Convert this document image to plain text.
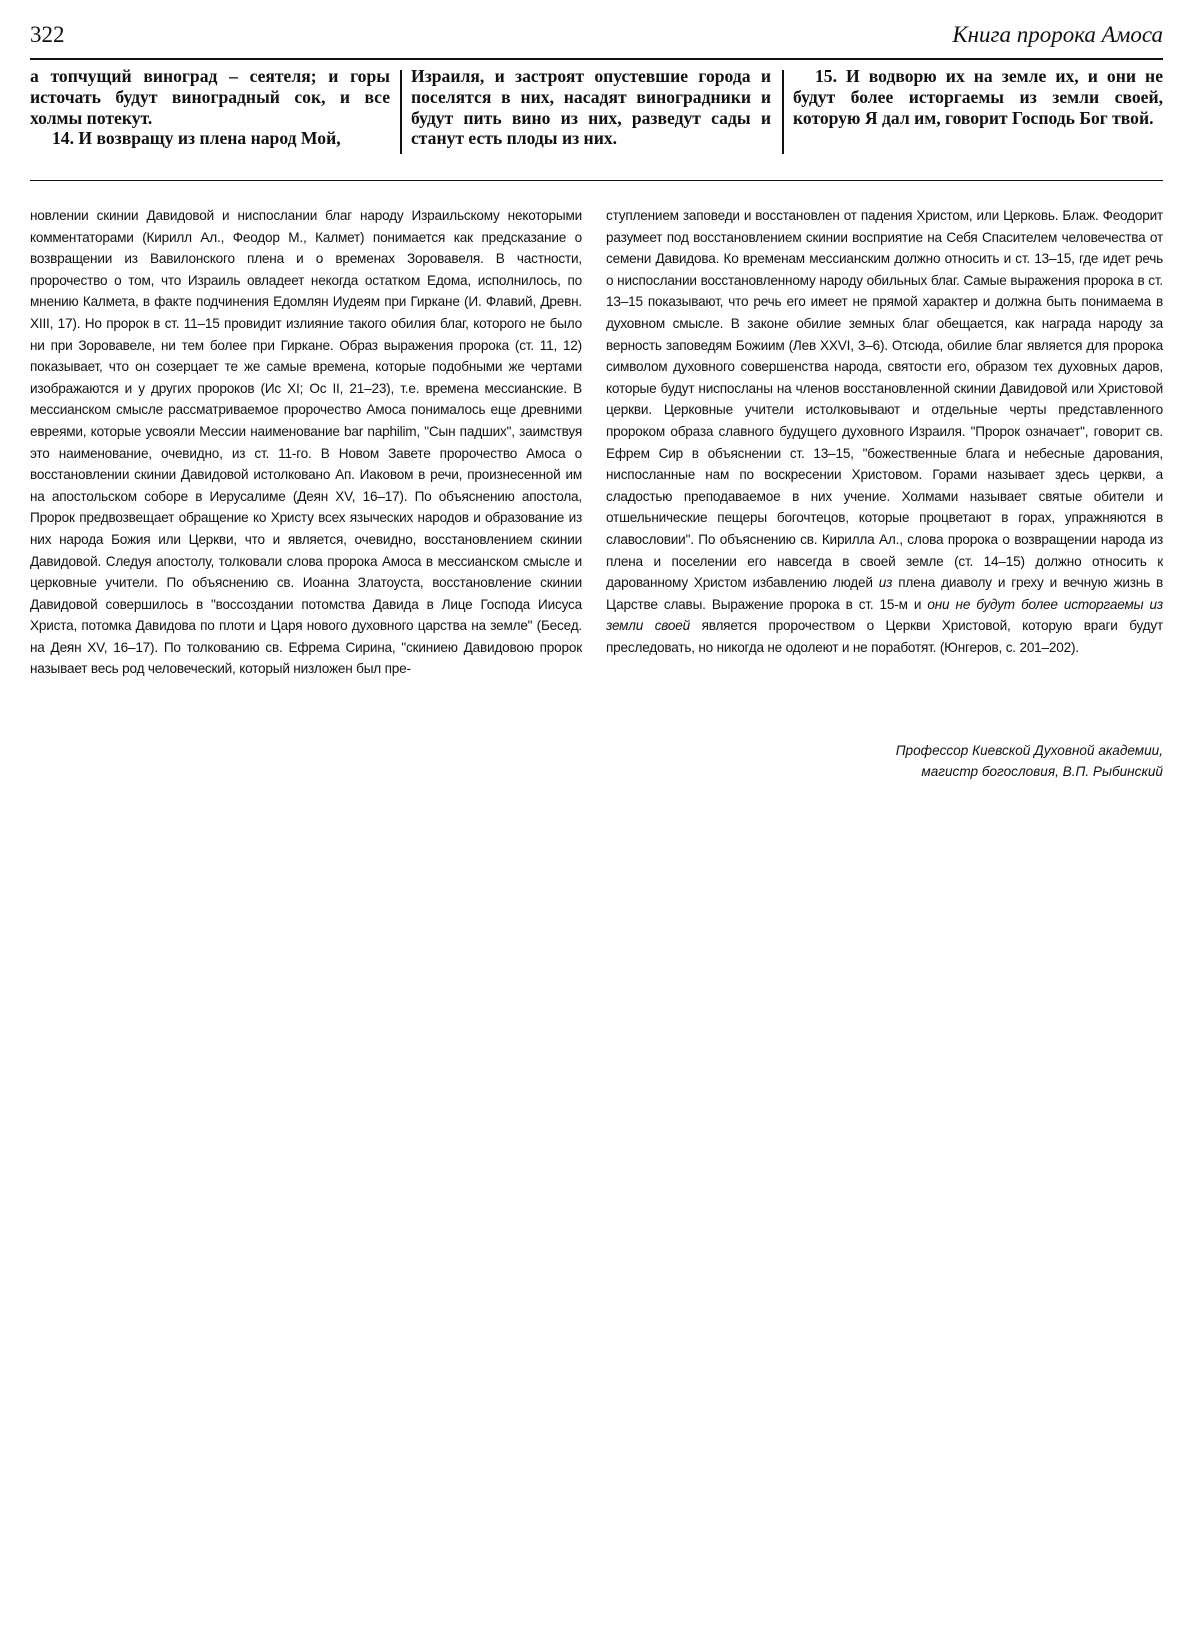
322	Книга пророка Амоса

а топчущий виноград – сеятеля; и горы источать будут виноградный сок, и все холмы потекут.

14. И возвращу из плена народ Мой,

Израиля, и застроят опустевшие города и поселятся в них, насадят виноградники и будут пить вино из них, разведут сады и станут есть плоды из них.

15. И водворю их на земле их, и они не будут более исторгаемы из земли своей, которую Я дал им, говорит Господь Бог твой.

новлении скинии Давидовой и ниспослании благ народу Израильскому некоторыми комментаторами (Кирилл Ал., Феодор М., Калмет) понимается как предсказание о возвращении из Вавилонского плена и о временах Зоровавеля. В частности, пророчество о том, что Израиль овладеет некогда остатком Едома, исполнилось, по мнению Калмета, в факте подчинения Едомлян Иудеям при Гиркане (И. Флавий, Древн. XIII, 17). Но пророк в ст. 11–15 провидит излияние такого обилия благ, которого не было ни при Зоровавеле, ни тем более при Гиркане. Образ выражения пророка (ст. 11, 12) показывает, что он созерцает те же самые времена, которые подобными же чертами изображаются и у других пророков (Ис XI; Ос II, 21–23), т.е. времена мессианские. В мессианском смысле рассматриваемое пророчество Амоса понималось еще древними евреями, которые усвояли Мессии наименование bar naphilim, "Сын падших", заимствуя это наименование, очевидно, из ст. 11-го. В Новом Завете пророчество Амоса о восстановлении скинии Давидовой истолковано Ап. Иаковом в речи, произнесенной им на апостольском соборе в Иерусалиме (Деян XV, 16–17). По объяснению апостола, Пророк предвозвещает обращение ко Христу всех языческих народов и образование из них народа Божия или Церкви, что и является, очевидно, восстановлением скинии Давидовой. Следуя апостолу, толковали слова пророка Амоса в мессианском смысле и церковные учители. По объяснению св. Иоанна Златоуста, восстановление скинии Давидовой совершилось в "воссоздании потомства Давида в Лице Господа Иисуса Христа, потомка Давидова по плоти и Царя нового духовного царства на земле" (Бесед. на Деян XV, 16–17). По толкованию св. Ефрема Сирина, "скиниею Давидовою пророк называет весь род человеческий, который низложен был пре-

ступлением заповеди и восстановлен от падения Христом, или Церковь. Блаж. Феодорит разумеет под восстановлением скинии восприятие на Себя Спасителем человечества от семени Давидова. Ко временам мессианским должно относить и ст. 13–15, где идет речь о ниспослании восстановленному народу обильных благ. Самые выражения пророка в ст. 13–15 показывают, что речь его имеет не прямой характер и должна быть понимаема в духовном смысле. В законе обилие земных благ обещается, как награда народу за верность заповедям Божиим (Лев XXVI, 3–6). Отсюда, обилие благ является для пророка символом духовного совершенства народа, святости его, образом тех духовных даров, которые будут ниспосланы на членов восстановленной скинии Давидовой или Христовой церкви. Церковные учители истолковывают и отдельные черты представленного пророком образа славного будущего духовного Израиля. "Пророк означает", говорит св. Ефрем Сир в объяснении ст. 13–15, "божественные блага и небесные дарования, ниспосланные нам по воскресении Христовом. Горами называет здесь церкви, а сладостью преподаваемое в них учение. Холмами называет святые обители и отшельнические пещеры богочтецов, которые процветают в горах, упражняются в славословии". По объяснению св. Кирилла Ал., слова пророка о возвращении народа из плена и поселении его навсегда в своей земле (ст. 14–15) должно относить к дарованному Христом избавлению людей из плена диаволу и греху и вечную жизнь в Царстве славы. Выражение пророка в ст. 15-м и они не будут более исторгаемы из земли своей является пророчеством о Церкви Христовой, которую враги будут преследовать, но никогда не одолеют и не поработят. (Юнгеров, с. 201–202).

Профессор Киевской Духовной академии,
магистр богословия, В.П. Рыбинский
